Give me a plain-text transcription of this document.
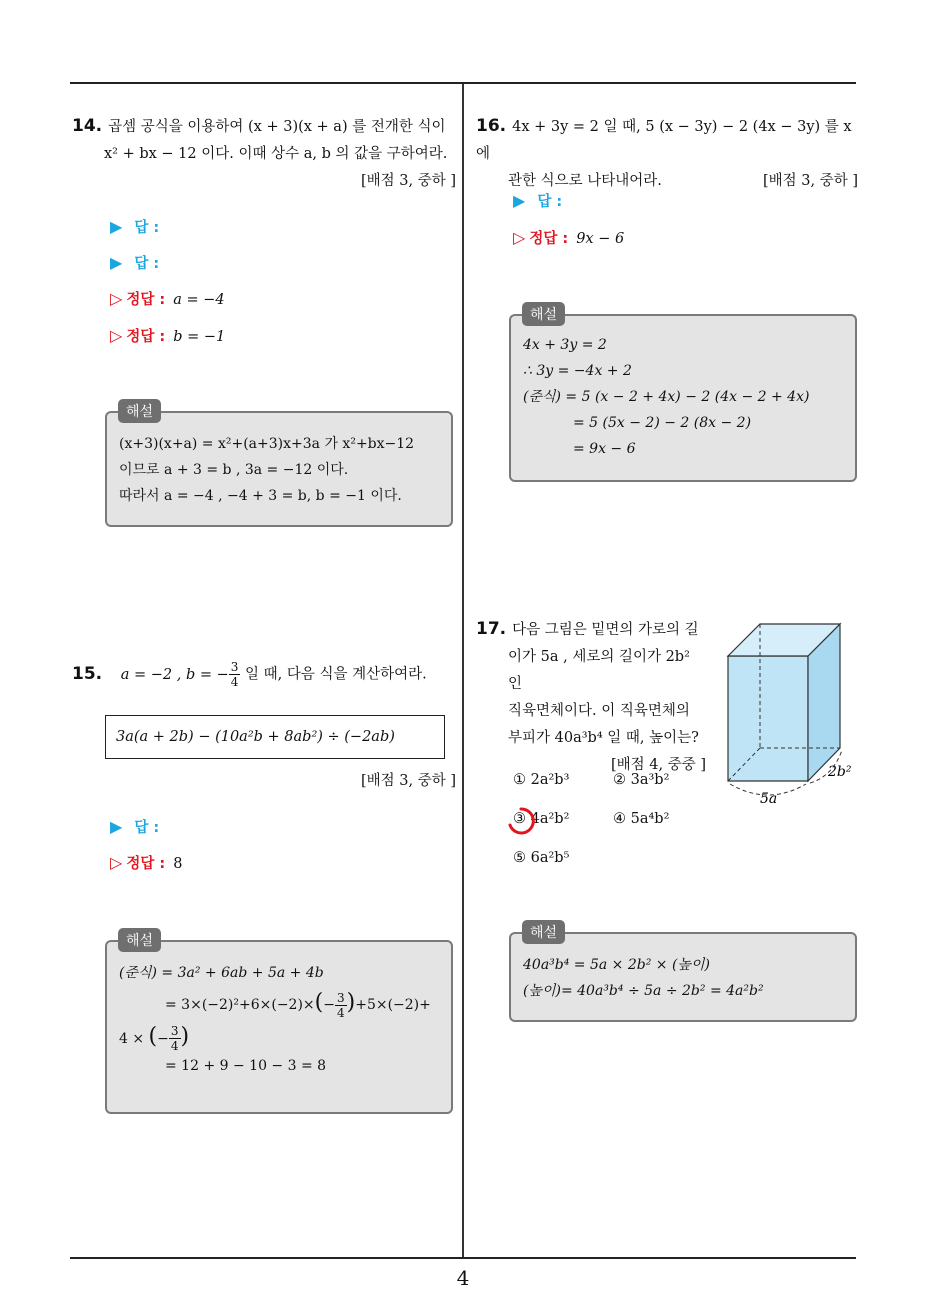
4
14. 곱셈 공식을 이용하여 (x + 3)(x + a) 를 전개한 식이
x² + bx − 12 이다. 이때 상수 a, b 의 값을 구하여라.
[배점 3, 중하 ]
▶ 답 :
▶ 답 :
▷ 정답 : a = −4
▷ 정답 : b = −1
(x+3)(x+a) = x²+(a+3)x+3a 가 x²+bx−12
이므로 a + 3 = b , 3a = −12 이다.
따라서 a = −4 , −4 + 3 = b, b = −1 이다.
해설
15. a = −2 , b = − $\frac{3}{4}$ 일 때, 다음 식을 계산하여라.
3a(a + 2b) − (10a²b + 8ab²) ÷ (−2ab)
[배점 3, 중하 ]
▶ 답 :
▷ 정답 : 8
(준식) = 3a² + 6ab + 5a + 4b
= $3\times(-2)^2+6\times(-2)\times(- \frac{3}{4} )+5\times(-2)+$
4 × (− $\frac{3}{4}$ )
= 12 + 9 − 10 − 3 = 8
해설
16. 4x + 3y = 2 일 때, 5 (x − 3y) − 2 (4x − 3y) 를 x 에
관한 식으로 나타내어라.	[배점 3, 중하 ]
▶ 답 :
▷ 정답 : 9x − 6
4x + 3y = 2
∴ 3y = −4x + 2
(준식) = 5 (x − 2 + 4x) − 2 (4x − 2 + 4x)
= 5 (5x − 2) − 2 (8x − 2)
= 9x − 6
해설
17. 다음 그림은 밑면의 가로의 길
이가 5a , 세로의 길이가 2b² 인
직육면체이다. 이 직육면체의
부피가 40a³b⁴ 일 때, 높이는?
[배점 4, 중중 ]
5a
2b²
① 2a²b³	② 3a³b²
③ 4a²b²	④ 5a⁴b²
⑤ 6a²b⁵
40a³b⁴ = 5a × 2b² × (높이)
(높이)= 40a³b⁴ ÷ 5a ÷ 2b² = 4a²b²
해설
